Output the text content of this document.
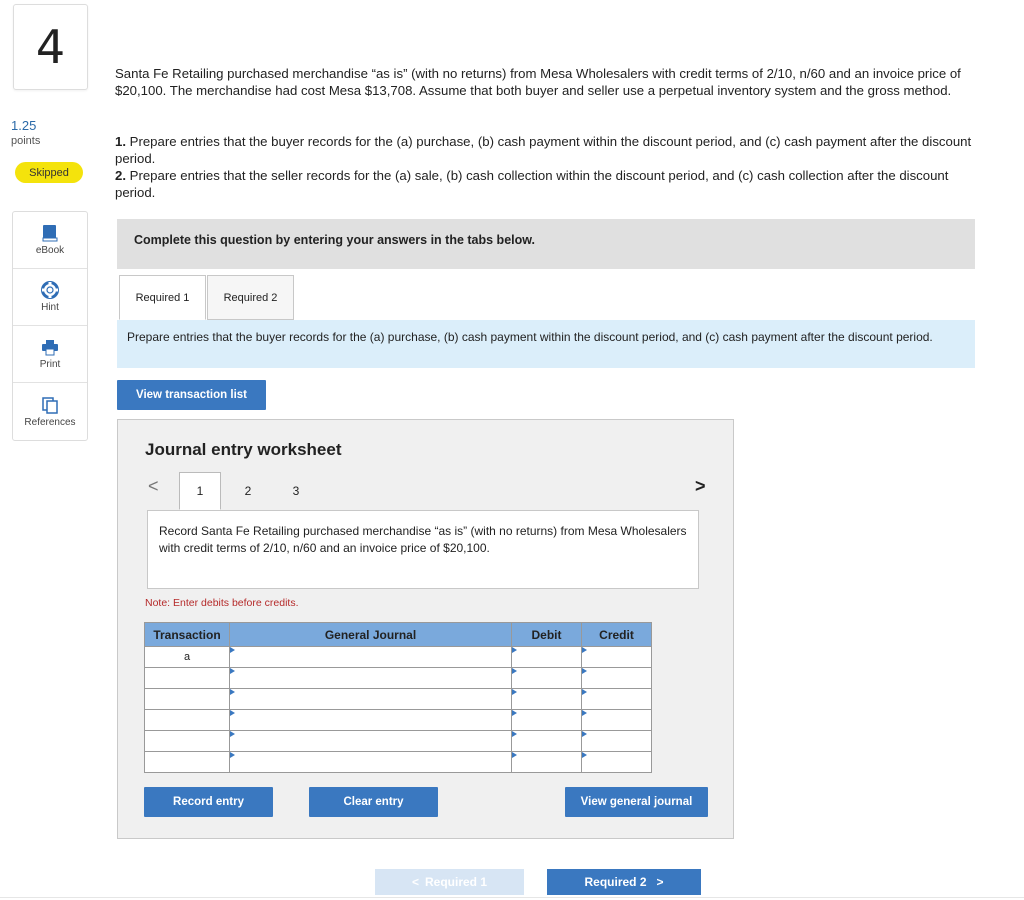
4
1.25
points
Skipped
eBook
Hint
Print
References
Santa Fe Retailing purchased merchandise “as is” (with no returns) from Mesa Wholesalers with credit terms of 2/10, n/60 and an invoice price of $20,100. The merchandise had cost Mesa $13,708. Assume that both buyer and seller use a perpetual inventory system and the gross method.
1. Prepare entries that the buyer records for the (a) purchase, (b) cash payment within the discount period, and (c) cash payment after the discount period.
2. Prepare entries that the seller records for the (a) sale, (b) cash collection within the discount period, and (c) cash collection after the discount period.
Complete this question by entering your answers in the tabs below.
Required 1	Required 2
Prepare entries that the buyer records for the (a) purchase, (b) cash payment within the discount period, and (c) cash payment after the discount period.
View transaction list
Journal entry worksheet
<	1	2	3	>
Record Santa Fe Retailing purchased merchandise “as is” (with no returns) from Mesa Wholesalers with credit terms of 2/10, n/60 and an invoice price of $20,100.
Note: Enter debits before credits.
Transaction	General Journal	Debit	Credit
a			

Record entry	Clear entry	View general journal
< Required 1	Required 2 >
